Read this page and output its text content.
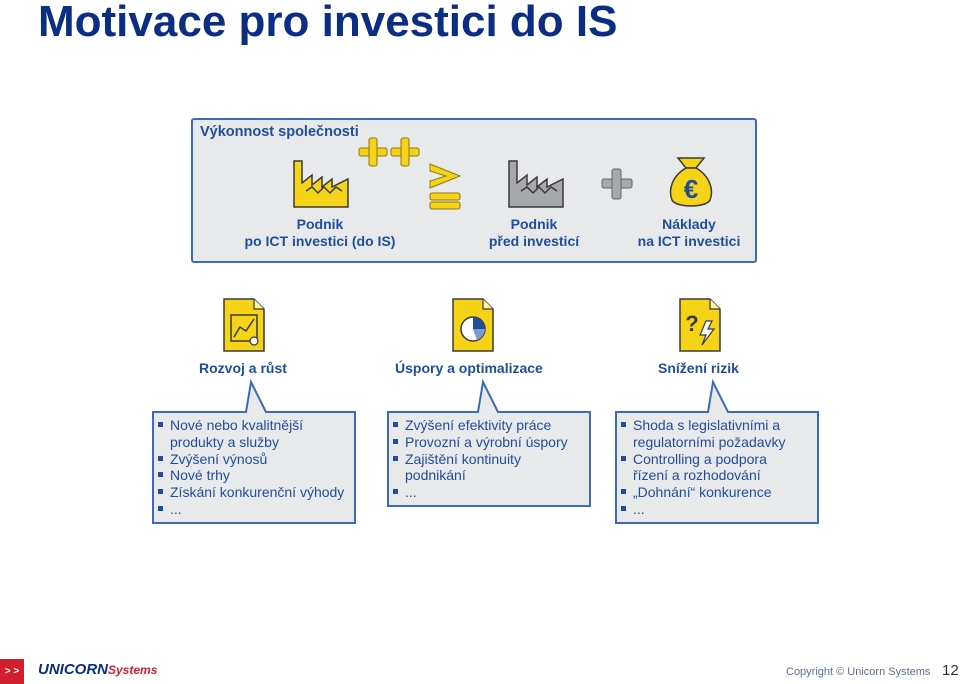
Motivace pro investici do IS
Výkonnost společnosti
€
?
Podnik
po ICT investici (do IS)
Podnik
před investicí
Náklady
na ICT investici
Rozvoj a růst	Úspory a optimalizace	Snížení rizik
Nové nebo kvalitnější
produkty a služby
Zvýšení výnosů
Nové trhy
Získání konkurenční výhody
...
Zvýšení efektivity práce
Provozní a výrobní úspory
Zajištění kontinuity
podnikání
...
Shoda s legislativními a
regulatorními požadavky
Controlling a podpora
řízení a rozhodování
„Dohnání“ konkurence
...
> >	UNICORNSystems	Copyright © Unicorn Systems 12
